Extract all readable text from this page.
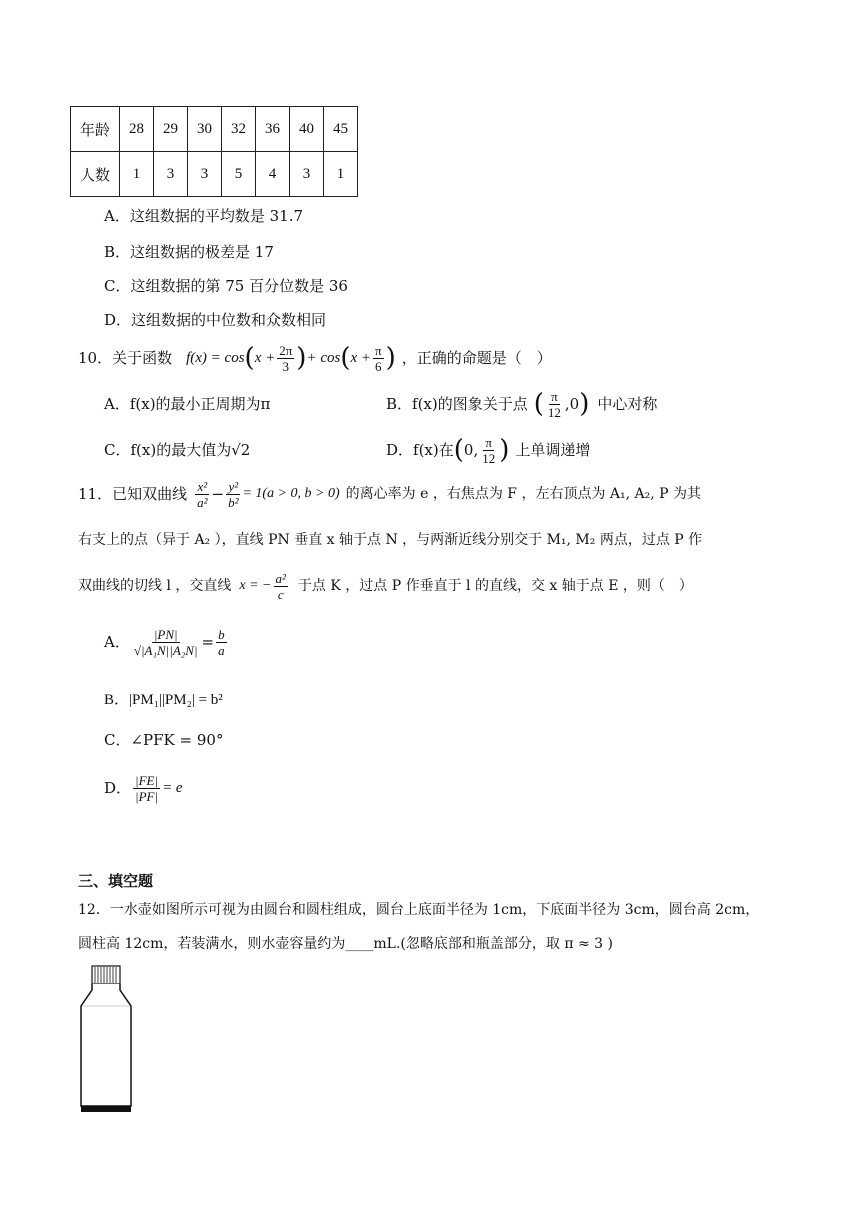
年龄	28	29	30	32	36	40	45
人数	1	3	3	5	4	3	1
A．这组数据的平均数是 31.7
B．这组数据的极差是 17
C．这组数据的第 75 百分位数是 36
D．这组数据的中位数和众数相同
10．关于函数 f(x) = cos ( $x + \frac{2\pi}{3}$ ) + cos ( $x + \frac{\pi}{6}$ ) ，正确的命题是（　）
A．f(x)的最小正周期为π	B．f(x)的图象关于点 ( $\frac{\pi}{12} ,0$ ) 中心对称
C．f(x)的最大值为√2	D．f(x)在 ( 0, $\frac{\pi}{12}$ ) 上单调递增
11．已知双曲线 $\frac{\text{x²}}{\text{a²}} - \frac{\text{y²}}{\text{b²}} = 1(a > 0$, b > 0) 的离心率为 e ，右焦点为 F ，左右顶点为 A₁, A₂, P 为其
右支上的点（异于 A₂ ），直线 PN 垂直 x 轴于点 N ，与两渐近线分别交于 M₁, M₂ 两点，过点 P 作
双曲线的切线 l ，交直线 x = − $\frac{\text{a²}}{c}$ 于点 K ，过点 P 作垂直于 l 的直线，交 x 轴于点 E ，则（　）
A． $\frac{|PN|}{\text{√|A₁N||A₂N|}} = \frac{b}{a}$
B．|PM₁||PM₂| = b²
C．∠PFK = 90°
D． $\frac{|FE|}{|PF|} = e$
三、填空题
12．一水壶如图所示可视为由圆台和圆柱组成，圆台上底面半径为 1cm，下底面半径为 3cm，圆台高 2cm，
圆柱高 12cm，若装满水，则水壶容量约为____mL.(忽略底部和瓶盖部分，取 π ≈ 3 )
